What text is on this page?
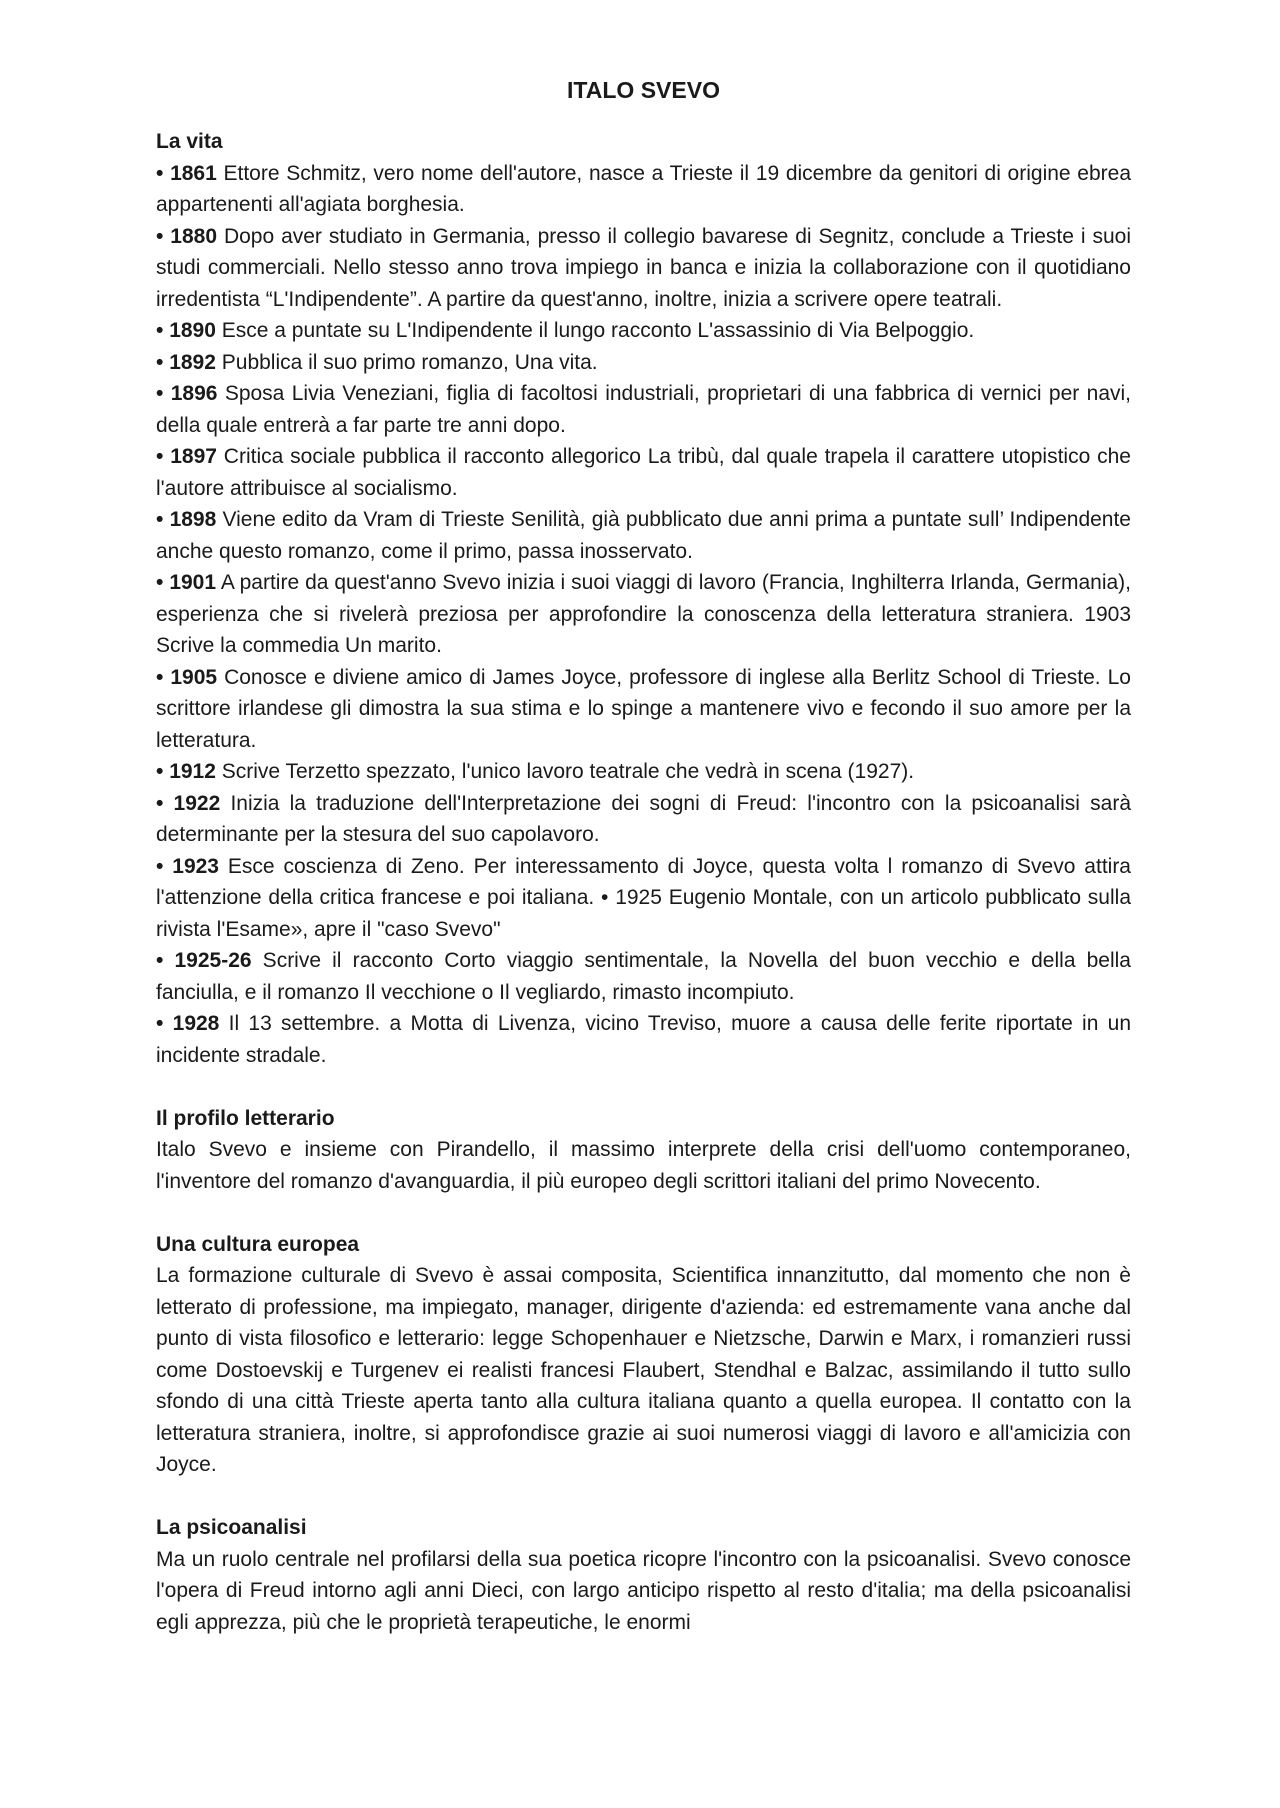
ITALO SVEVO
La vita

• 1861 Ettore Schmitz, vero nome dell'autore, nasce a Trieste il 19 dicembre da genitori di origine ebrea appartenenti all'agiata borghesia.

• 1880 Dopo aver studiato in Germania, presso il collegio bavarese di Segnitz, conclude a Trieste i suoi studi commerciali. Nello stesso anno trova impiego in banca e inizia la collaborazione con il quotidiano irredentista “L'Indipendente”. A partire da quest'anno, inoltre, inizia a scrivere opere teatrali.

• 1890 Esce a puntate su L'Indipendente il lungo racconto L'assassinio di Via Belpoggio.

• 1892 Pubblica il suo primo romanzo, Una vita.

• 1896 Sposa Livia Veneziani, figlia di facoltosi industriali, proprietari di una fabbrica di vernici per navi, della quale entrerà a far parte tre anni dopo.

• 1897 Critica sociale pubblica il racconto allegorico La tribù, dal quale trapela il carattere utopistico che l'autore attribuisce al socialismo.

• 1898 Viene edito da Vram di Trieste Senilità, già pubblicato due anni prima a puntate sull’ Indipendente anche questo romanzo, come il primo, passa inosservato.

• 1901 A partire da quest'anno Svevo inizia i suoi viaggi di lavoro (Francia, Inghilterra Irlanda, Germania), esperienza che si rivelerà preziosa per approfondire la conoscenza della letteratura straniera. 1903 Scrive la commedia Un marito.

• 1905 Conosce e diviene amico di James Joyce, professore di inglese alla Berlitz School di Trieste. Lo scrittore irlandese gli dimostra la sua stima e lo spinge a mantenere vivo e fecondo il suo amore per la letteratura.

• 1912 Scrive Terzetto spezzato, l'unico lavoro teatrale che vedrà in scena (1927).

• 1922 Inizia la traduzione dell'Interpretazione dei sogni di Freud: l'incontro con la psicoanalisi sarà determinante per la stesura del suo capolavoro.

• 1923 Esce coscienza di Zeno. Per interessamento di Joyce, questa volta l romanzo di Svevo attira l'attenzione della critica francese e poi italiana. • 1925 Eugenio Montale, con un articolo pubblicato sulla rivista l'Esame», apre il "caso Svevo"

• 1925-26 Scrive il racconto Corto viaggio sentimentale, la Novella del buon vecchio e della bella fanciulla, e il romanzo Il vecchione o Il vegliardo, rimasto incompiuto.

• 1928 Il 13 settembre. a Motta di Livenza, vicino Treviso, muore a causa delle ferite riportate in un incidente stradale.

Il profilo letterario

Italo Svevo e insieme con Pirandello, il massimo interprete della crisi dell'uomo contemporaneo, l'inventore del romanzo d'avanguardia, il più europeo degli scrittori italiani del primo Novecento.

Una cultura europea

La formazione culturale di Svevo è assai composita, Scientifica innanzitutto, dal momento che non è letterato di professione, ma impiegato, manager, dirigente d'azienda: ed estremamente vana anche dal punto di vista filosofico e letterario: legge Schopenhauer e Nietzsche, Darwin e Marx, i romanzieri russi come Dostoevskij e Turgenev ei realisti francesi Flaubert, Stendhal e Balzac, assimilando il tutto sullo sfondo di una città Trieste aperta tanto alla cultura italiana quanto a quella europea. Il contatto con la letteratura straniera, inoltre, si approfondisce grazie ai suoi numerosi viaggi di lavoro e all'amicizia con Joyce.

La psicoanalisi

Ma un ruolo centrale nel profilarsi della sua poetica ricopre l'incontro con la psicoanalisi. Svevo conosce l'opera di Freud intorno agli anni Dieci, con largo anticipo rispetto al resto d'italia; ma della psicoanalisi egli apprezza, più che le proprietà terapeutiche, le enormi
